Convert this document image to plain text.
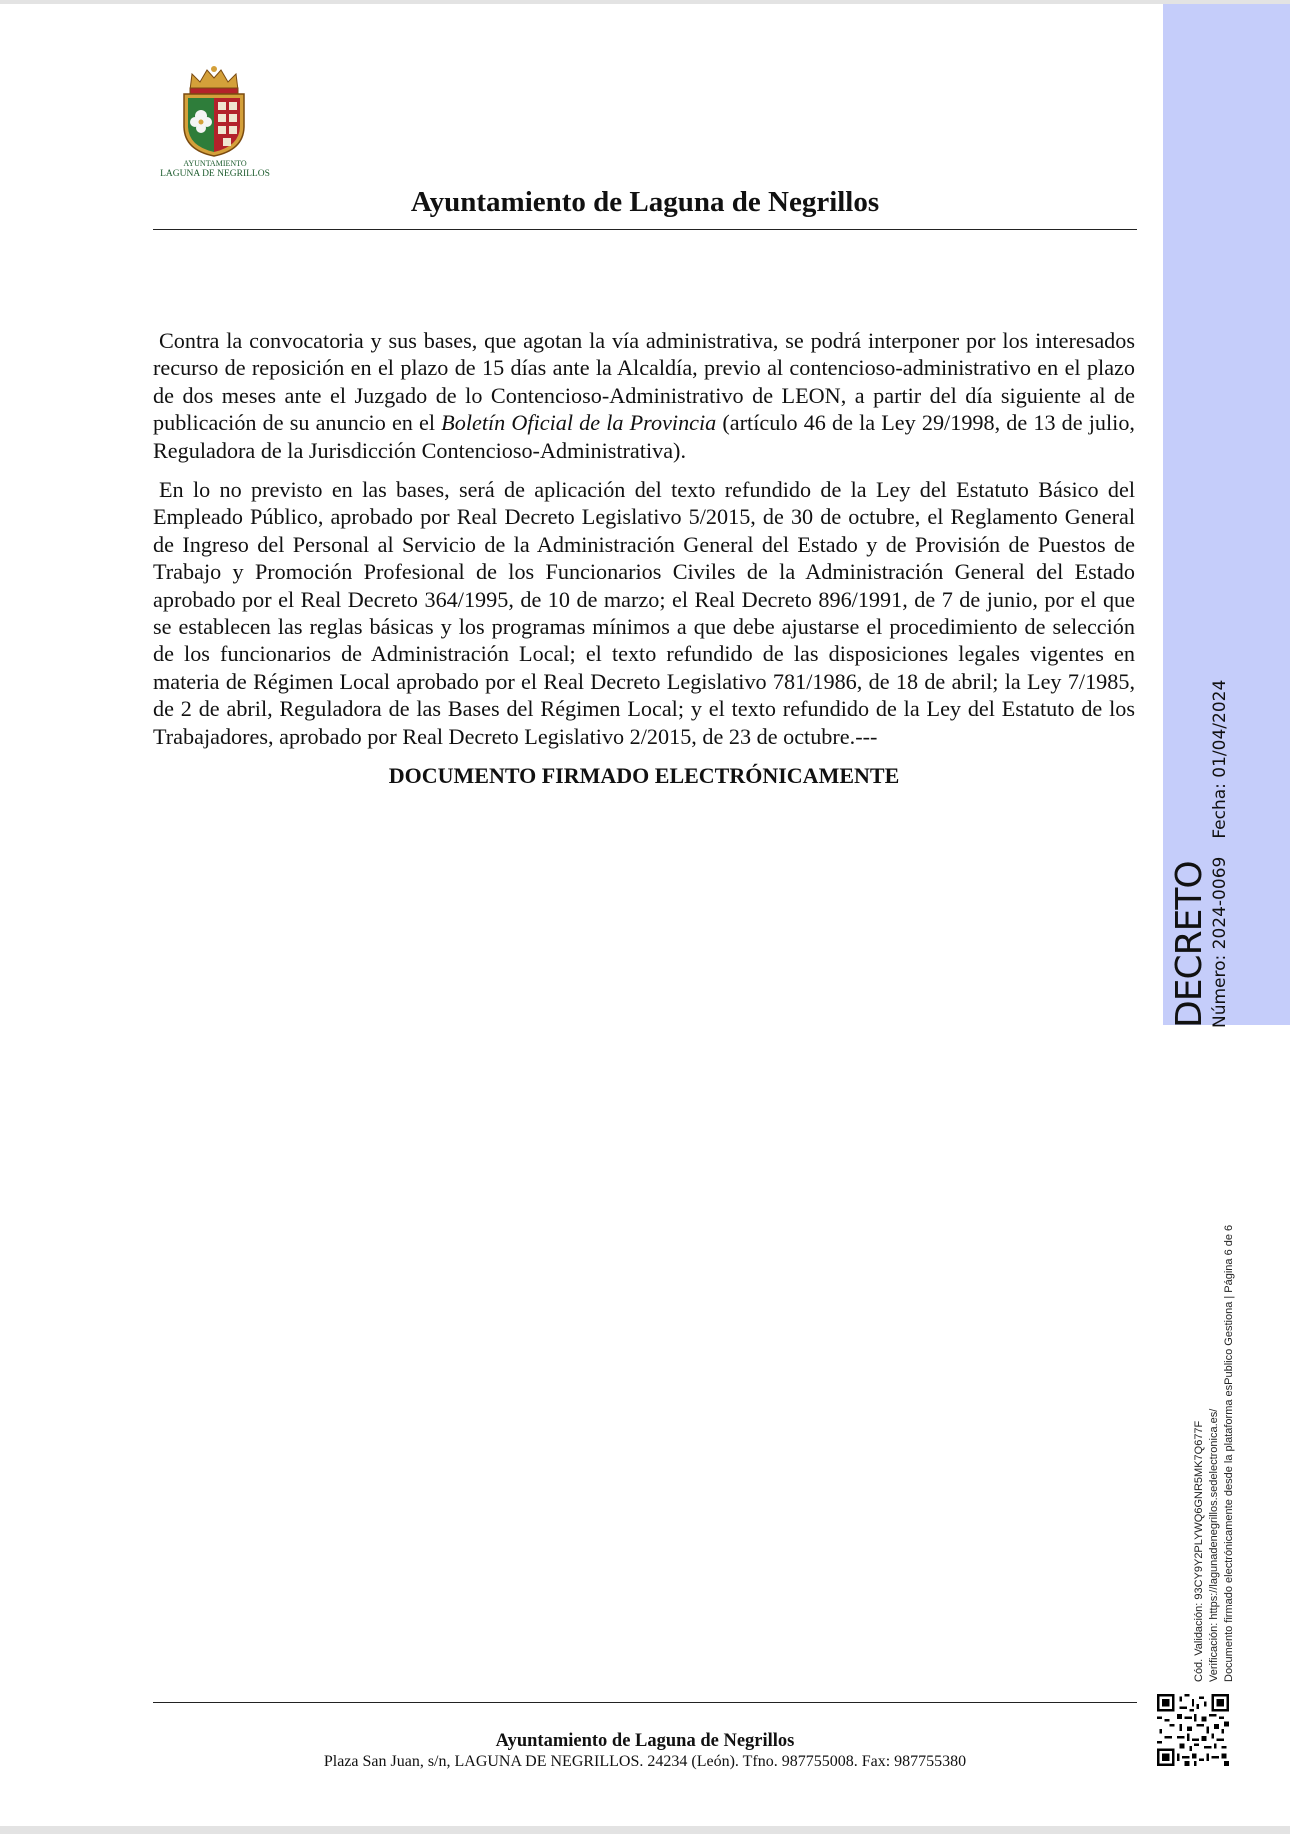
AYUNTAMIENTO
LAGUNA DE NEGRILLOS
Ayuntamiento de Laguna de Negrillos

Contra la convocatoria y sus bases, que agotan la vía administrativa, se podrá interponer por los interesados recurso de reposición en el plazo de 15 días ante la Alcaldía, previo al contencioso-administrativo en el plazo de dos meses ante el Juzgado de lo Contencioso-Administrativo de LEON, a partir del día siguiente al de publicación de su anuncio en el Boletín Oficial de la Provincia (artículo 46 de la Ley 29/1998, de 13 de julio, Reguladora de la Jurisdicción Contencioso-Administrativa).

En lo no previsto en las bases, será de aplicación del texto refundido de la Ley del Estatuto Básico del Empleado Público, aprobado por Real Decreto Legislativo 5/2015, de 30 de octubre, el Reglamento General de Ingreso del Personal al Servicio de la Administración General del Estado y de Provisión de Puestos de Trabajo y Promoción Profesional de los Funcionarios Civiles de la Administración General del Estado aprobado por el Real Decreto 364/1995, de 10 de marzo; el Real Decreto 896/1991, de 7 de junio, por el que se establecen las reglas básicas y los programas mínimos a que debe ajustarse el procedimiento de selección de los funcionarios de Administración Local; el texto refundido de las disposiciones legales vigentes en materia de Régimen Local aprobado por el Real Decreto Legislativo 781/1986, de 18 de abril; la Ley 7/1985, de 2 de abril, Reguladora de las Bases del Régimen Local; y el texto refundido de la Ley del Estatuto de los Trabajadores, aprobado por Real Decreto Legislativo 2/2015, de 23 de octubre.---

DOCUMENTO FIRMADO ELECTRÓNICAMENTE
DECRETO Número: 2024-0069Fecha: 01/04/2024
Cód. Validación: 93CY9Y2PLYWQ6GNR5MK7Q677F Verificación: https://lagunadenegrillos.sedelectronica.es/ Documento firmado electrónicamente desde la plataforma esPublico Gestiona | Página 6 de 6
Ayuntamiento de Laguna de Negrillos
Plaza San Juan, s/n, LAGUNA DE NEGRILLOS. 24234 (León). Tfno. 987755008. Fax: 987755380
